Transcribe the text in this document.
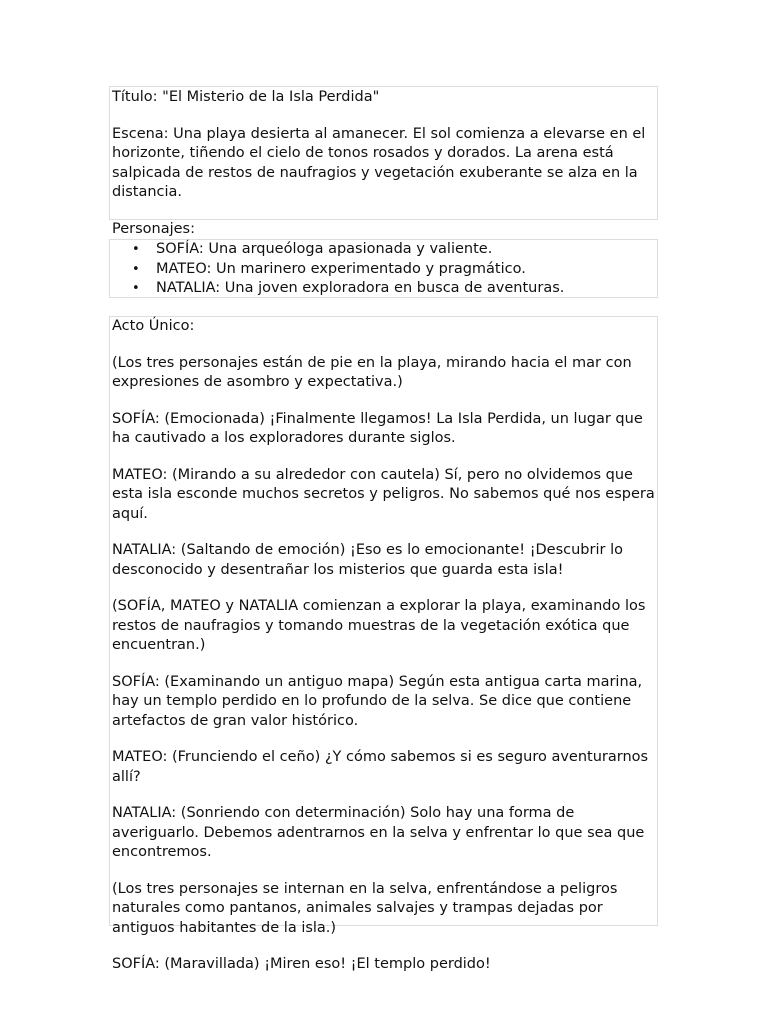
Título: "El Misterio de la Isla Perdida"

Escena: Una playa desierta al amanecer. El sol comienza a elevarse en el horizonte, tiñendo el cielo de tonos rosados y dorados. La arena está salpicada de restos de naufragios y vegetación exuberante se alza en la distancia.

Personajes:

• SOFÍA: Una arqueóloga apasionada y valiente.
• MATEO: Un marinero experimentado y pragmático.
• NATALIA: Una joven exploradora en busca de aventuras.

Acto Único:

(Los tres personajes están de pie en la playa, mirando hacia el mar con expresiones de asombro y expectativa.)

SOFÍA: (Emocionada) ¡Finalmente llegamos! La Isla Perdida, un lugar que ha cautivado a los exploradores durante siglos.

MATEO: (Mirando a su alrededor con cautela) Sí, pero no olvidemos que esta isla esconde muchos secretos y peligros. No sabemos qué nos espera aquí.

NATALIA: (Saltando de emoción) ¡Eso es lo emocionante! ¡Descubrir lo desconocido y desentrañar los misterios que guarda esta isla!

(SOFÍA, MATEO y NATALIA comienzan a explorar la playa, examinando los restos de naufragios y tomando muestras de la vegetación exótica que encuentran.)

SOFÍA: (Examinando un antiguo mapa) Según esta antigua carta marina, hay un templo perdido en lo profundo de la selva. Se dice que contiene artefactos de gran valor histórico.

MATEO: (Frunciendo el ceño) ¿Y cómo sabemos si es seguro aventurarnos allí?

NATALIA: (Sonriendo con determinación) Solo hay una forma de averiguarlo. Debemos adentrarnos en la selva y enfrentar lo que sea que encontremos.

(Los tres personajes se internan en la selva, enfrentándose a peligros naturales como pantanos, animales salvajes y trampas dejadas por antiguos habitantes de la isla.)

SOFÍA: (Maravillada) ¡Miren eso! ¡El templo perdido!
